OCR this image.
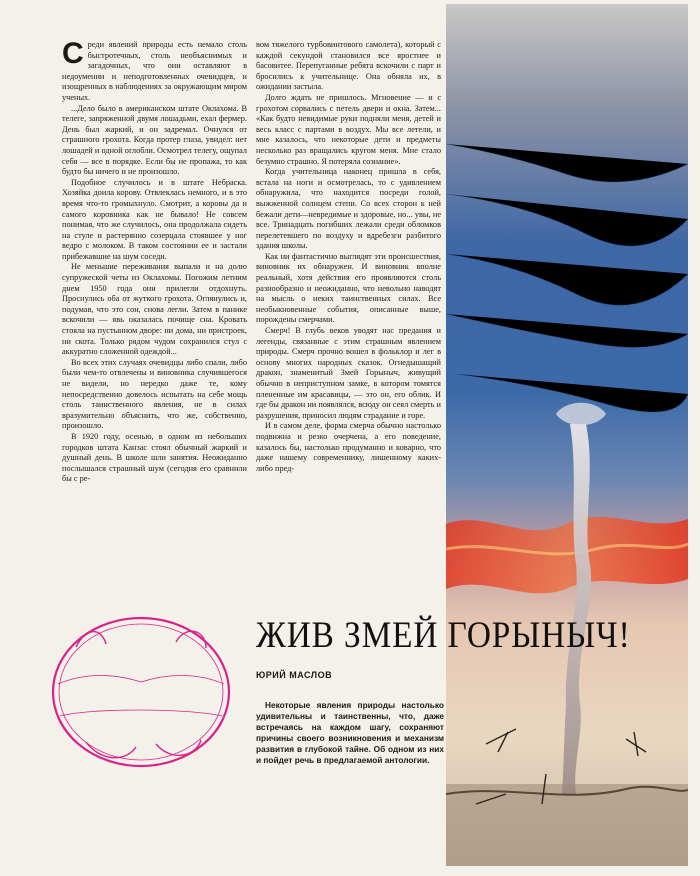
Среди явлений природы есть немало столь быстротечных, столь необъяснимых и загадочных, что они оставляют в недоумении и неподготовленных очевидцев, и изощренных в наблюдениях за окружающим миром ученых.

...Дело было в американском штате Оклахома. В телеге, запряженной двумя лошадьми, ехал фермер. День был жаркий, и он задремал. Очнулся от страшного грохота. Когда протер глаза, увидел: нет лошадей и одной оглобли. Осмотрел телегу, ощупал себя — все в порядке. Если бы не пропажа, то как будто бы ничего и не произошло.

Подобное случилось и в штате Небраска. Хозяйка доила корову. Отвлеклась немного, и в это время что-то громыхнуло. Смотрит, а коровы да и самого коровника как не бывало! Не совсем понимая, что же случилось, она продолжала сидеть на стуле и растерянно созерцала стоявшее у ног ведро с молоком. В таком состоянии ее и застали прибежавшие на шум соседи.

Не меньшие переживания выпали и на долю супружеской четы из Оклахомы. Погожим летним днем 1950 года они прилегли отдохнуть. Проснулись оба от жуткого грохота. Оглянулись и, подумав, что это сон, снова легли. Затем в панике вскочили — явь оказалась почище сна. Кровать стояла на пустынном дворе: ни дома, ни пристроек, ни скота. Только рядом чудом сохранился стул с аккуратно сложенной одеждой...

Во всех этих случаях очевидцы либо спали, либо были чем-то отвлечены и виновника случившегося не видели, но нередко даже те, кому непосредственно довелось испытать на себе мощь столь таинственного явления, не в силах вразумительно объяснить, что же, собственно, произошло.

В 1920 году, осенью, в одном из небольших городков штата Канзас стоял обычный жаркий и душный день. В школе шли занятия. Неожиданно послышался страшный шум (сегодня его сравнили бы с ре-

вом тяжелого турбовинтового самолета), который с каждой секундой становился все яростнее и басовитее. Перепуганные ребята вскочили с парт и бросились к учительнице. Она обняла их, в ожидании застыла.

Долго ждать не пришлось. Мгновение — и с грохотом сорвались с петель двери и окна. Затем... «Как будто невидимые руки подняли меня, детей и весь класс с партами в воздух. Мы все летели, и мне казалось, что некоторые дети и предметы несколько раз вращались кругом меня. Мне стало безумно страшно. Я потеряла сознание».

Когда учительница наконец пришла в себя, встала на ноги и осмотрелась, то с удивлением обнаружила, что находится посреди голой, выжженной солнцем степи. Со всех сторон к ней бежали дети—невредимые и здоровые, но... увы, не все. Тринадцать погибших лежали среди обломков перелетевшего по воздуху и вдребезги разбитого здания школы.

Как ни фантастично выглядят эти происшествия, виновник их обнаружен. И виновник вполне реальный, хотя действия его проявляются столь разнообразно и неожиданно, что невольно наводят на мысль о неких таинственных силах. Все необыкновенные события, описанные выше, порождены смерчами.

Смерч! В глубь веков уводят нас предания и легенды, связанные с этим страшным явлением природы. Смерч прочно вошел в фольклор и лег в основу многих народных сказок. Огнедышащий дракон, знаменитый Змей Горыныч, живущий обычно в неприступном замке, в котором томятся плененные им красавицы, — это он, его облик. И где бы дракон ни появлялся, всюду он сеял смерть и разрушения, приносил людям страдание и горе.

И в самом деле, форма смерча обычно настолько подвижна и резко очерчена, а его поведение, казалось бы, настолько продуманно и коварно, что даже нашему современнику, лишенному каких-либо пред-

ЖИВ ЗМЕЙ ГОРЫНЫЧ!
ЮРИЙ МАСЛОВ

Некоторые явления природы настолько удивительны и таинственны, что, даже встречаясь на каждом шагу, сохраняют причины своего возникновения и механизм развития в глубокой тайне. Об одном из них и пойдет речь в предлагаемой антологии.
